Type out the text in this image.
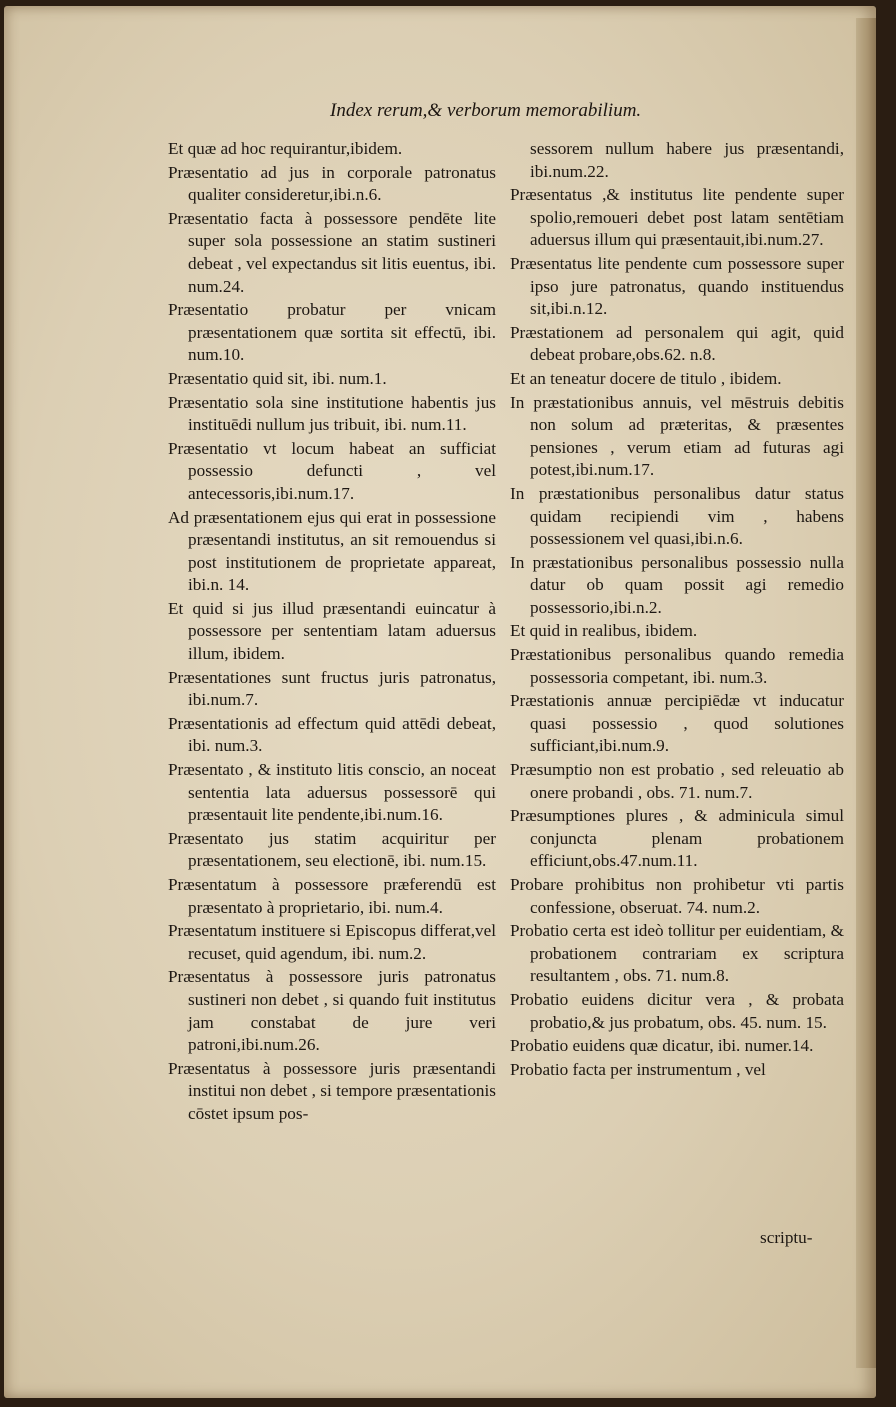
Index rerum,& verborum memorabilium.

Et quæ ad hoc requirantur,ibidem.

Præsentatio ad jus in corporale patronatus qualiter consideretur,ibi.n.6.

Præsentatio facta à possessore pendēte lite super sola possessione an statim sustineri debeat , vel expectandus sit litis euentus, ibi. num.24.

Præsentatio probatur per vnicam præsentationem quæ sortita sit effectū, ibi. num.10.

Præsentatio quid sit, ibi. num.1.

Præsentatio sola sine institutione habentis jus instituēdi nullum jus tribuit, ibi. num.11.

Præsentatio vt locum habeat an sufficiat possessio defuncti , vel antecessoris,ibi.num.17.

Ad præsentationem ejus qui erat in possessione præsentandi institutus, an sit remouendus si post institutionem de proprietate appareat, ibi.n. 14.

Et quid si jus illud præsentandi euincatur à possessore per sententiam latam aduersus illum, ibidem.

Præsentationes sunt fructus juris patronatus, ibi.num.7.

Præsentationis ad effectum quid attēdi debeat, ibi. num.3.

Præsentato , & instituto litis conscio, an noceat sententia lata aduersus possessorē qui præsentauit lite pendente,ibi.num.16.

Præsentato jus statim acquiritur per præsentationem, seu electionē, ibi. num.15.

Præsentatum à possessore præferendū est præsentato à proprietario, ibi. num.4.

Præsentatum instituere si Episcopus differat,vel recuset, quid agendum, ibi. num.2.

Præsentatus à possessore juris patronatus sustineri non debet , si quando fuit institutus jam constabat de jure veri patroni,ibi.num.26.

Præsentatus à possessore juris præsentandi institui non debet , si tempore præsentationis cōstet ipsum pos-

sessorem nullum habere jus præsentandi, ibi.num.22.

Præsentatus ,& institutus lite pendente super spolio,remoueri debet post latam sentētiam aduersus illum qui præsentauit,ibi.num.27.

Præsentatus lite pendente cum possessore super ipso jure patronatus, quando instituendus sit,ibi.n.12.

Præstationem ad personalem qui agit, quid debeat probare,obs.62. n.8.

Et an teneatur docere de titulo , ibidem.

In præstationibus annuis, vel mēstruis debitis non solum ad præteritas, & præsentes pensiones , verum etiam ad futuras agi potest,ibi.num.17.

In præstationibus personalibus datur status quidam recipiendi vim , habens possessionem vel quasi,ibi.n.6.

In præstationibus personalibus possessio nulla datur ob quam possit agi remedio possessorio,ibi.n.2.

Et quid in realibus, ibidem.

Præstationibus personalibus quando remedia possessoria competant, ibi. num.3.

Præstationis annuæ percipiēdæ vt inducatur quasi possessio , quod solutiones sufficiant,ibi.num.9.

Præsumptio non est probatio , sed releuatio ab onere probandi , obs. 71. num.7.

Præsumptiones plures , & adminicula simul conjuncta plenam probationem efficiunt,obs.47.num.11.

Probare prohibitus non prohibetur vti partis confessione, obseruat. 74. num.2.

Probatio certa est ideò tollitur per euidentiam, & probationem contrariam ex scriptura resultantem , obs. 71. num.8.

Probatio euidens dicitur vera , & probata probatio,& jus probatum, obs. 45. num. 15.

Probatio euidens quæ dicatur, ibi. numer.14.

Probatio facta per instrumentum , vel

scriptu-
